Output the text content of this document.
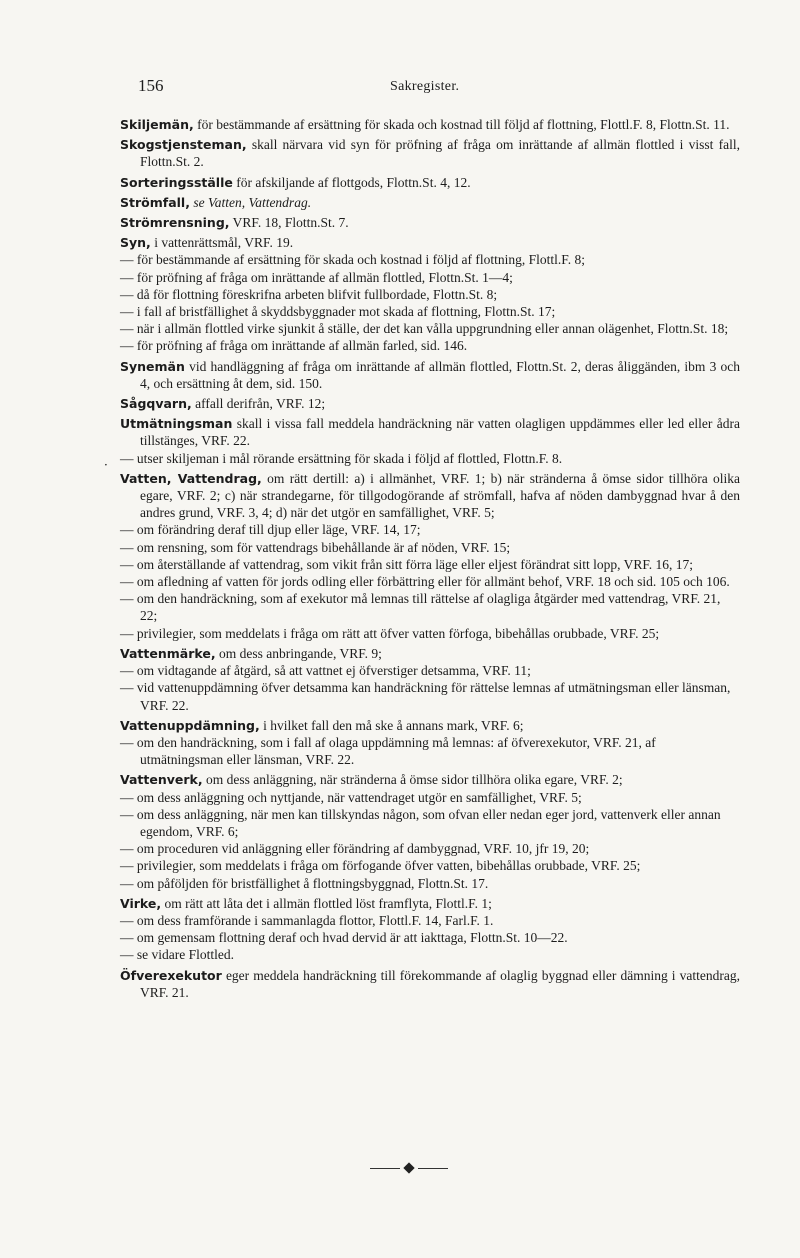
156	Sakregister.
·
Skiljemän, för bestämmande af ersättning för skada och kostnad till följd af flottning, Flottl.F. 8, Flottn.St. 11.
Skogstjensteman, skall närvara vid syn för pröfning af fråga om inrättande af allmän flottled i visst fall, Flottn.St. 2.
Sorteringsställe för afskiljande af flottgods, Flottn.St. 4, 12.
Strömfall, se Vatten, Vattendrag.
Strömrensning, VRF. 18, Flottn.St. 7.
Syn, i vattenrättsmål, VRF. 19.
— för bestämmande af ersättning för skada och kostnad i följd af flottning, Flottl.F. 8;
— för pröfning af fråga om inrättande af allmän flottled, Flottn.St. 1—4;
— då för flottning föreskrifna arbeten blifvit fullbordade, Flottn.St. 8;
— i fall af bristfällighet å skyddsbyggnader mot skada af flottning, Flottn.St. 17;
— när i allmän flottled virke sjunkit å ställe, der det kan vålla uppgrundning eller annan olägenhet, Flottn.St. 18;
— för pröfning af fråga om inrättande af allmän farled, sid. 146.
Synemän vid handläggning af fråga om inrättande af allmän flottled, Flottn.St. 2, deras åliggänden, ibm 3 och 4, och ersättning åt dem, sid. 150.
Sågqvarn, affall derifrån, VRF. 12;
Utmätningsman skall i vissa fall meddela handräckning när vatten olagligen uppdämmes eller led eller ådra tillstänges, VRF. 22.
— utser skiljeman i mål rörande ersättning för skada i följd af flottled, Flottn.F. 8.
Vatten, Vattendrag, om rätt dertill: a) i allmänhet, VRF. 1; b) när stränderna å ömse sidor tillhöra olika egare, VRF. 2; c) när strandegarne, för tillgodogörande af strömfall, hafva af nöden dambyggnad hvar å den andres grund, VRF. 3, 4; d) när det utgör en samfällighet, VRF. 5;
— om förändring deraf till djup eller läge, VRF. 14, 17;
— om rensning, som för vattendrags bibehållande är af nöden, VRF. 15;
— om återställande af vattendrag, som vikit från sitt förra läge eller eljest förändrat sitt lopp, VRF. 16, 17;
— om afledning af vatten för jords odling eller förbättring eller för allmänt behof, VRF. 18 och sid. 105 och 106.
— om den handräckning, som af exekutor må lemnas till rättelse af olagliga åtgärder med vattendrag, VRF. 21, 22;
— privilegier, som meddelats i fråga om rätt att öfver vatten förfoga, bibehållas orubbade, VRF. 25;
Vattenmärke, om dess anbringande, VRF. 9;
— om vidtagande af åtgärd, så att vattnet ej öfverstiger detsamma, VRF. 11;
— vid vattenuppdämning öfver detsamma kan handräckning för rättelse lemnas af utmätningsman eller länsman, VRF. 22.
Vattenuppdämning, i hvilket fall den må ske å annans mark, VRF. 6;
— om den handräckning, som i fall af olaga uppdämning må lemnas: af öfverexekutor, VRF. 21, af utmätningsman eller länsman, VRF. 22.
Vattenverk, om dess anläggning, när stränderna å ömse sidor tillhöra olika egare, VRF. 2;
— om dess anläggning och nyttjande, när vattendraget utgör en samfällighet, VRF. 5;
— om dess anläggning, när men kan tillskyndas någon, som ofvan eller nedan eger jord, vattenverk eller annan egendom, VRF. 6;
— om proceduren vid anläggning eller förändring af dambyggnad, VRF. 10, jfr 19, 20;
— privilegier, som meddelats i fråga om förfogande öfver vatten, bibehållas orubbade, VRF. 25;
— om påföljden för bristfällighet å flottningsbyggnad, Flottn.St. 17.
Virke, om rätt att låta det i allmän flottled löst framflyta, Flottl.F. 1;
— om dess framförande i sammanlagda flottor, Flottl.F. 14, Farl.F. 1.
— om gemensam flottning deraf och hvad dervid är att iakttaga, Flottn.St. 10—22.
— se vidare Flottled.
Öfverexekutor eger meddela handräckning till förekommande af olaglig byggnad eller dämning i vattendrag, VRF. 21.
